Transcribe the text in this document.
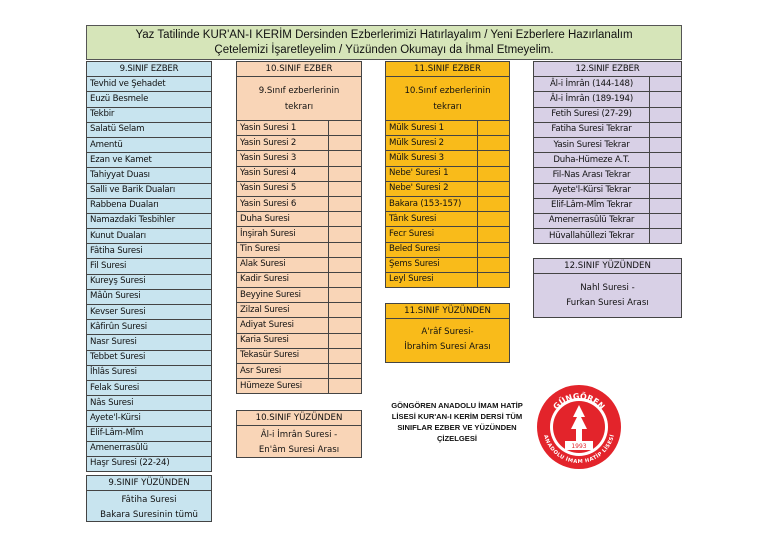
Yaz Tatilinde KUR'AN-I KERİM Dersinden Ezberlerimizi Hatırlayalım / Yeni Ezberlere Hazırlanalım
Çetelemizi İşaretleyelim / Yüzünden Okumayı da İhmal Etmeyelim.
9.SINIF EZBER
Tevhid ve Şehadet
Euzü Besmele
Tekbir
Salatü Selam
Amentü
Ezan ve Kamet
Tahiyyat Duası
Salli ve Barik Duaları
Rabbena Duaları
Namazdaki Tesbihler
Kunut Duaları
Fâtiha Suresi
Fil Suresi
Kureyş Suresi
Mâûn Suresi
Kevser Suresi
Kâfirûn Suresi
Nasr Suresi
Tebbet Suresi
İhlâs Suresi
Felak Suresi
Nâs Suresi
Ayete'l-Kürsi
Elif-Lâm-Mîm
Amenerrasûlü
Haşr Suresi (22-24)
9.SINIF YÜZÜNDEN
Fâtiha Suresi
Bakara Suresinin tümü
10.SINIF EZBER
9.Sınıf ezberlerinin
tekrarı
Yasin Suresi 1	
Yasin Suresi 2	
Yasin Suresi 3	
Yasin Suresi 4	
Yasin Suresi 5	
Yasin Suresi 6	
Duha Suresi	
İnşirah Suresi	
Tin Suresi	
Alak Suresi	
Kadir Suresi	
Beyyine Suresi	
Zilzal Suresi	
Adiyat Suresi	
Karia Suresi	
Tekasür Suresi	
Asr Suresi	
Hümeze Suresi	
10.SINIF YÜZÜNDEN
Âl-i İmrân Suresi -
En'âm Suresi Arası
11.SINIF EZBER
10.Sınıf ezberlerinin
tekrarı
Mülk Suresi 1	
Mülk Suresi 2	
Mülk Suresi 3	
Nebe' Suresi 1	
Nebe' Suresi 2	
Bakara (153-157)	
Târık Suresi	
Fecr Suresi	
Beled Suresi	
Şems Suresi	
Leyl Suresi	
11.SINIF YÜZÜNDEN
A'râf Suresi-
İbrahim Suresi Arası
12.SINIF EZBER	
Âl-i İmrân (144-148)	
Âl-i İmrân (189-194)	
Fetih Suresi (27-29)	
Fatiha Suresi Tekrar	
Yasin Suresi Tekrar	
Duha-Hümeze A.T.	
Fil-Nas Arası Tekrar	
Ayete'l-Kürsi Tekrar	
Elif-Lâm-Mîm Tekrar	
Amenerrasûlü Tekrar	
Hüvallahüllezi Tekrar	
12.SINIF YÜZÜNDEN
Nahl Suresi -
Furkan Suresi Arası
GÖNGÖREN ANADOLU İMAM HATİP
LİSESİ KUR'AN-I KERİM DERSİ TÜM
SINIFLAR EZBER VE YÜZÜNDEN
ÇİZELGESİ
GÜNGÖREN
ANADOLU İMAM HATİP LİSESİ
1993
